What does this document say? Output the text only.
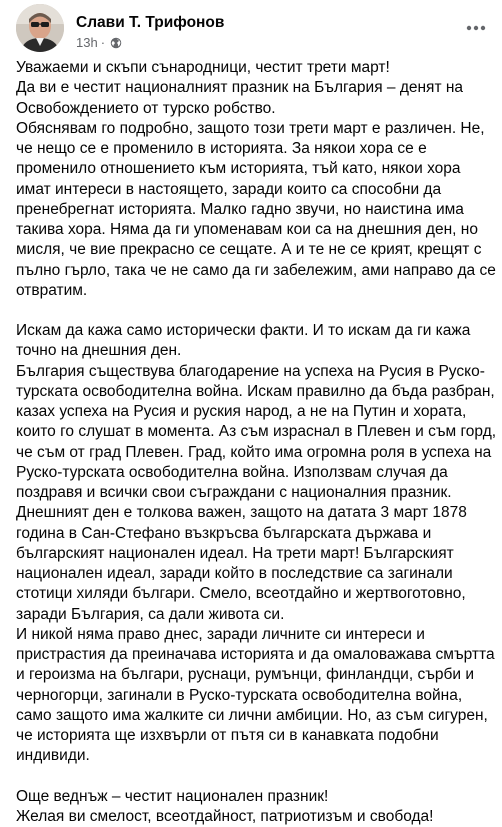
Слави Т. Трифонов
13h ·

Уважаеми и скъпи сънародници, честит трети март!

Да ви е честит националният празник на България – денят на Освобождението от турско робство.

Обяснявам го подробно, защото този трети март е различен. Не, че нещо се е променило в историята. За някои хора се е променило отношението към историята, тъй като, някои хора имат интереси в настоящето, заради които са способни да пренебрегнат историята. Малко гадно звучи, но наистина има такива хора. Няма да ги упоменавам кои са на днешния ден, но мисля, че вие прекрасно се сещате. А и те не се крият, крещят с пълно гърло, така че не само да ги забележим, ами направо да се отвратим.

Искам да кажа само исторически факти. И то искам да ги кажа точно на днешния ден.

България съществува благодарение на успеха на Русия в Руско-турската освободителна война. Искам правилно да бъда разбран, казах успеха на Русия и руския народ, а не на Путин и хората, които го слушат в момента. Аз съм израснал в Плевен и съм горд, че съм от град Плевен. Град, който има огромна роля в успеха на Руско-турската освободителна война. Използвам случая да поздравя и всички свои съграждани с националния празник.

Днешният ден е толкова важен, защото на датата 3 март 1878 година в Сан-Стефано възкръсва българската държава и българският национален идеал. На трети март! Българският национален идеал, заради който в последствие са загинали стотици хиляди българи. Смело, всеотдайно и жертвоготовно, заради България, са дали живота си.

И никой няма право днес, заради личните си интереси и пристрастия да преиначава историята и да омаловажава смъртта и героизма на българи, руснаци, румънци, финландци, сърби и черногорци, загинали в Руско-турската освободителна война, само защото има жалките си лични амбиции. Но, аз съм сигурен, че историята ще изхвърли от пътя си в канавката подобни индивиди.

Още веднъж – честит национален празник!

Желая ви смелост, всеотдайност, патриотизъм и свобода!
